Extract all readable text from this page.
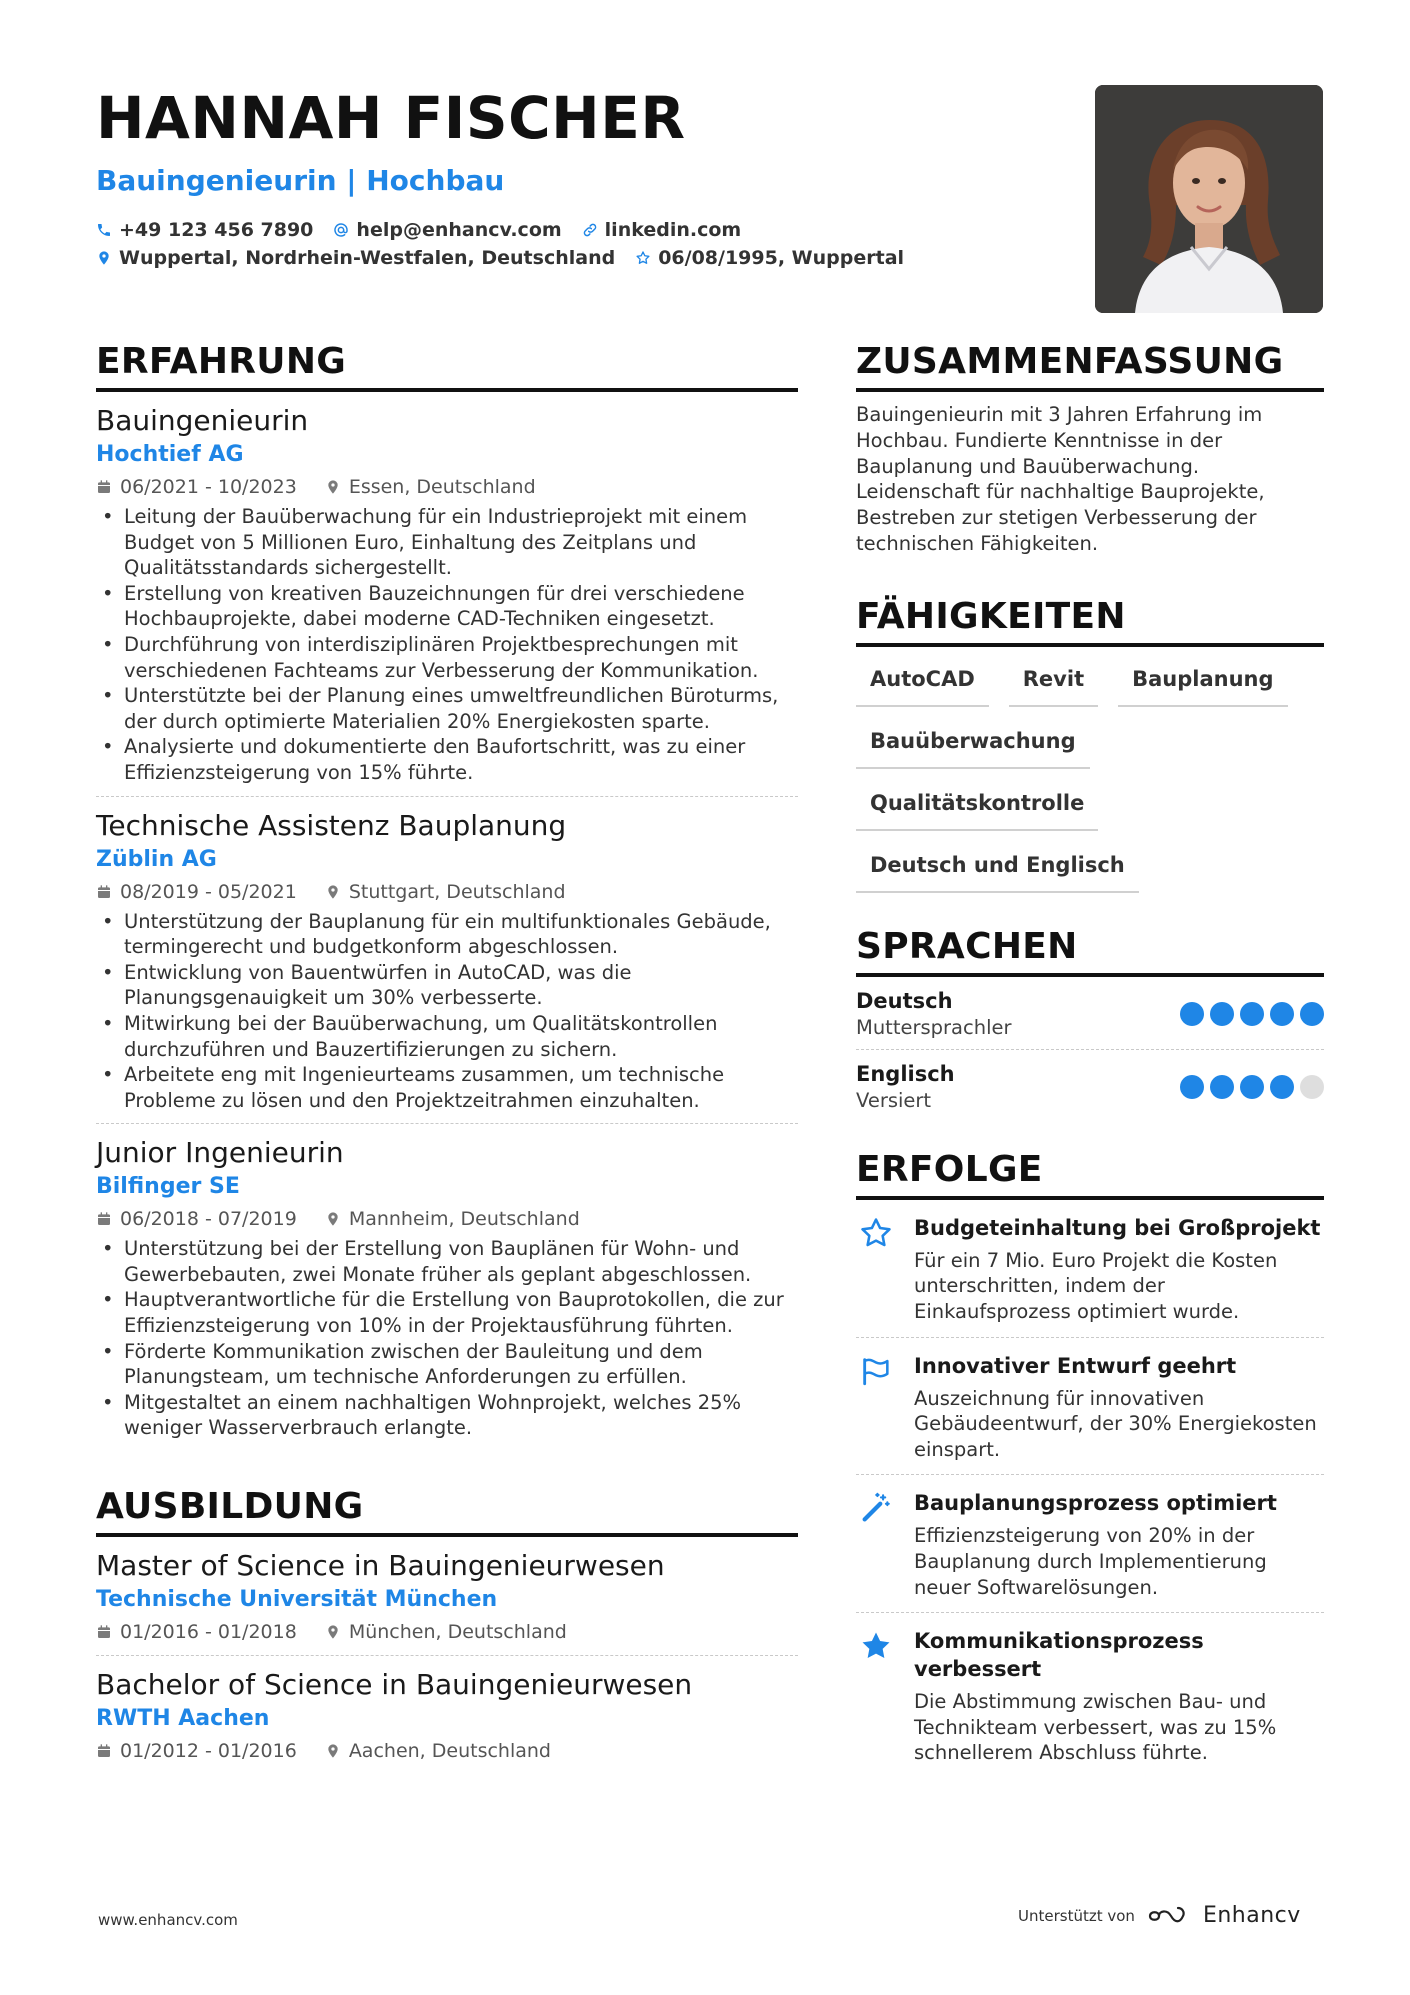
HANNAH FISCHER
Bauingenieurin | Hochbau
+49 123 456 7890 help@enhancv.com linkedin.com
Wuppertal, Nordrhein-Westfalen, Deutschland 06/08/1995, Wuppertal
ERFAHRUNG
Bauingenieurin
Hochtief AG
06/2021 - 10/2023	Essen, Deutschland
• Leitung der Bauüberwachung für ein Industrieprojekt mit einem Budget von 5 Millionen Euro, Einhaltung des Zeitplans und Qualitätsstandards sichergestellt.
• Erstellung von kreativen Bauzeichnungen für drei verschiedene Hochbauprojekte, dabei moderne CAD-Techniken eingesetzt.
• Durchführung von interdisziplinären Projektbesprechungen mit verschiedenen Fachteams zur Verbesserung der Kommunikation.
• Unterstützte bei der Planung eines umweltfreundlichen Büroturms, der durch optimierte Materialien 20% Energiekosten sparte.
• Analysierte und dokumentierte den Baufortschritt, was zu einer Effizienzsteigerung von 15% führte.
Technische Assistenz Bauplanung
Züblin AG
08/2019 - 05/2021	Stuttgart, Deutschland
• Unterstützung der Bauplanung für ein multifunktionales Gebäude, termingerecht und budgetkonform abgeschlossen.
• Entwicklung von Bauentwürfen in AutoCAD, was die Planungsgenauigkeit um 30% verbesserte.
• Mitwirkung bei der Bauüberwachung, um Qualitätskontrollen durchzuführen und Bauzertifizierungen zu sichern.
• Arbeitete eng mit Ingenieurteams zusammen, um technische Probleme zu lösen und den Projektzeitrahmen einzuhalten.
Junior Ingenieurin
Bilfinger SE
06/2018 - 07/2019	Mannheim, Deutschland
• Unterstützung bei der Erstellung von Bauplänen für Wohn- und Gewerbebauten, zwei Monate früher als geplant abgeschlossen.
• Hauptverantwortliche für die Erstellung von Bauprotokollen, die zur Effizienzsteigerung von 10% in der Projektausführung führten.
• Förderte Kommunikation zwischen der Bauleitung und dem Planungsteam, um technische Anforderungen zu erfüllen.
• Mitgestaltet an einem nachhaltigen Wohnprojekt, welches 25% weniger Wasserverbrauch erlangte.
AUSBILDUNG
Master of Science in Bauingenieurwesen
Technische Universität München
01/2016 - 01/2018	München, Deutschland
Bachelor of Science in Bauingenieurwesen
RWTH Aachen
01/2012 - 01/2016	Aachen, Deutschland
ZUSAMMENFASSUNG
Bauingenieurin mit 3 Jahren Erfahrung im Hochbau. Fundierte Kenntnisse in der Bauplanung und Bauüberwachung. Leidenschaft für nachhaltige Bauprojekte, Bestreben zur stetigen Verbesserung der technischen Fähigkeiten.
FÄHIGKEITEN
AutoCAD	Revit	Bauplanung
Bauüberwachung
Qualitätskontrolle
Deutsch und Englisch
SPRACHEN
Deutsch
Muttersprachler
Englisch
Versiert
ERFOLGE
Budgeteinhaltung bei Großprojekt
Für ein 7 Mio. Euro Projekt die Kosten unterschritten, indem der Einkaufsprozess optimiert wurde.
Innovativer Entwurf geehrt
Auszeichnung für innovativen Gebäudeentwurf, der 30% Energiekosten einspart.
Bauplanungsprozess optimiert
Effizienzsteigerung von 20% in der Bauplanung durch Implementierung neuer Softwarelösungen.
Kommunikationsprozess verbessert
Die Abstimmung zwischen Bau- und Technikteam verbessert, was zu 15% schnellerem Abschluss führte.
www.enhancv.com	Unterstützt von	Enhancv
